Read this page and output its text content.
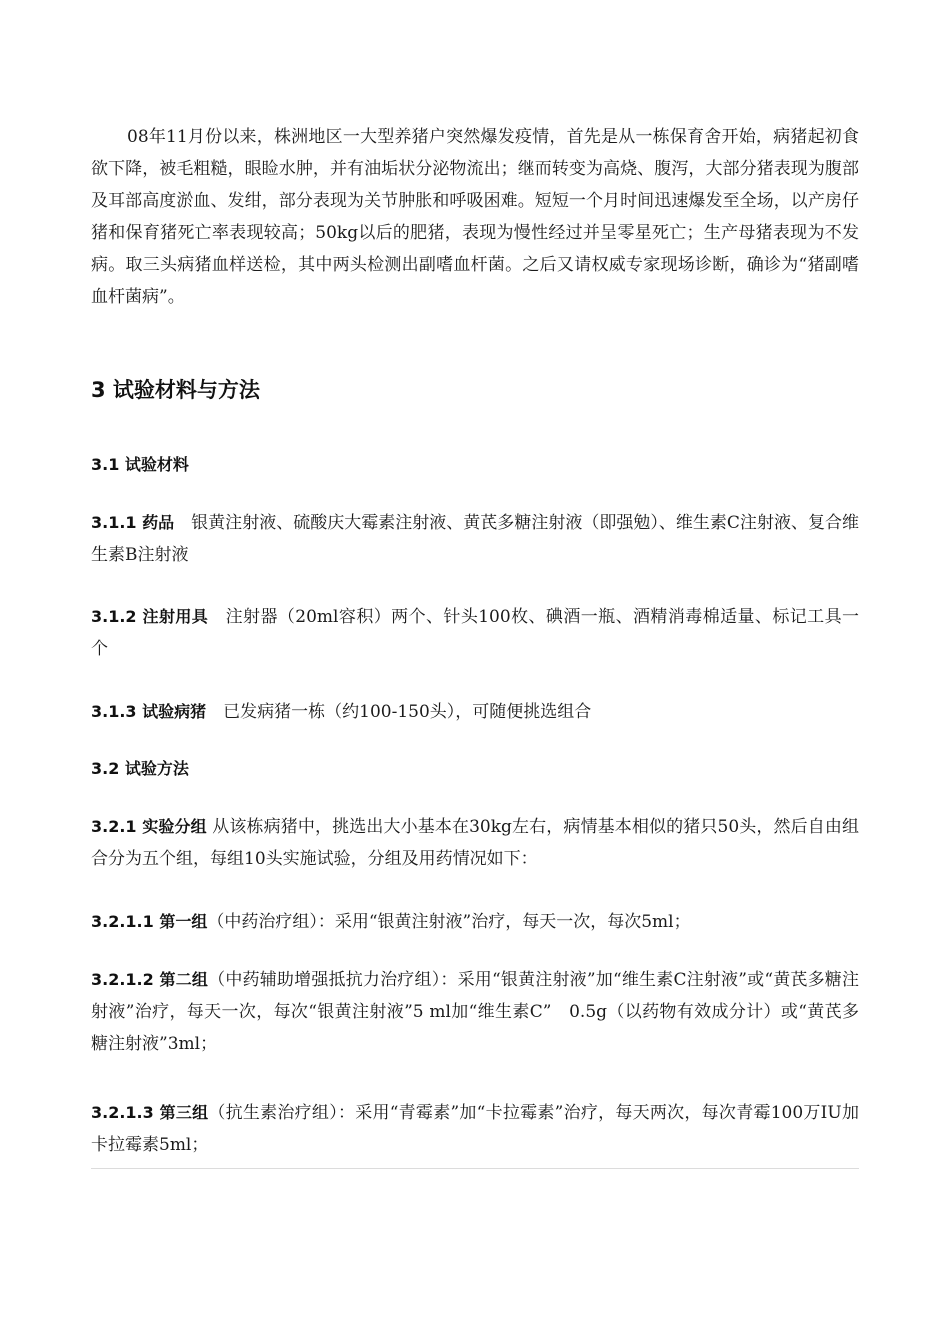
08年11月份以来，株洲地区一大型养猪户突然爆发疫情，首先是从一栋保育舍开始，病猪起初食欲下降，被毛粗糙，眼睑水肿，并有油垢状分泌物流出；继而转变为高烧、腹泻，大部分猪表现为腹部及耳部高度淤血、发绀，部分表现为关节肿胀和呼吸困难。短短一个月时间迅速爆发至全场，以产房仔猪和保育猪死亡率表现较高；50kg以后的肥猪，表现为慢性经过并呈零星死亡；生产母猪表现为不发病。取三头病猪血样送检，其中两头检测出副嗜血杆菌。之后又请权威专家现场诊断，确诊为“猪副嗜血杆菌病”。

3 试验材料与方法
3.1 试验材料

3.1.1 药品　银黄注射液、硫酸庆大霉素注射液、黄芪多糖注射液（即强勉）、维生素C注射液、复合维生素B注射液

3.1.2 注射用具　注射器（20ml容积）两个、针头100枚、碘酒一瓶、酒精消毒棉适量、标记工具一个

3.1.3 试验病猪　已发病猪一栋（约100-150头），可随便挑选组合

3.2 试验方法

3.2.1 实验分组 从该栋病猪中，挑选出大小基本在30kg左右，病情基本相似的猪只50头，然后自由组合分为五个组，每组10头实施试验，分组及用药情况如下：

3.2.1.1 第一组（中药治疗组）：采用“银黄注射液”治疗，每天一次，每次5ml；

3.2.1.2 第二组（中药辅助增强抵抗力治疗组）：采用“银黄注射液”加“维生素C注射液”或“黄芪多糖注射液”治疗，每天一次，每次“银黄注射液”5 ml加“维生素C”　0.5g（以药物有效成分计）或“黄芪多糖注射液”3ml；

3.2.1.3 第三组（抗生素治疗组）：采用“青霉素”加“卡拉霉素”治疗，每天两次，每次青霉100万IU加卡拉霉素5ml；
